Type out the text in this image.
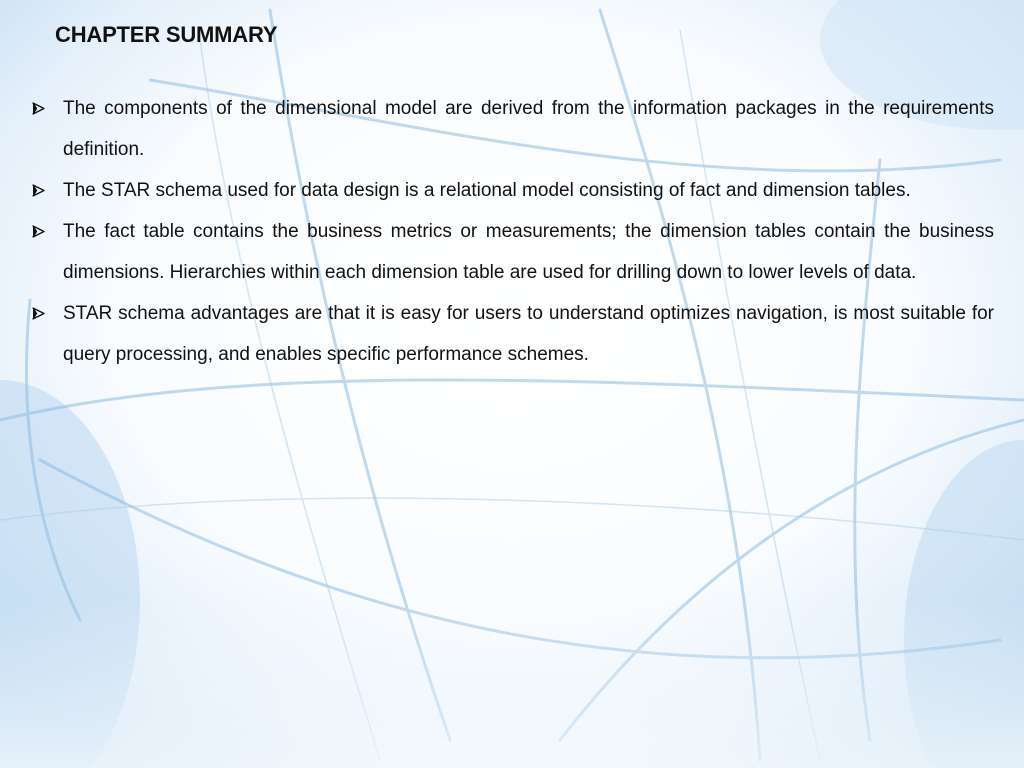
CHAPTER SUMMARY
The components of the dimensional model are derived from the information packages in the requirements definition.
The STAR schema used for data design is a relational model consisting of fact and dimension tables.
The fact table contains the business metrics or measurements; the dimension tables contain the business dimensions. Hierarchies within each dimension table are used for drilling down to lower levels of data.
STAR schema advantages are that it is easy for users to understand optimizes navigation, is most suitable for query processing, and enables specific performance schemes.
